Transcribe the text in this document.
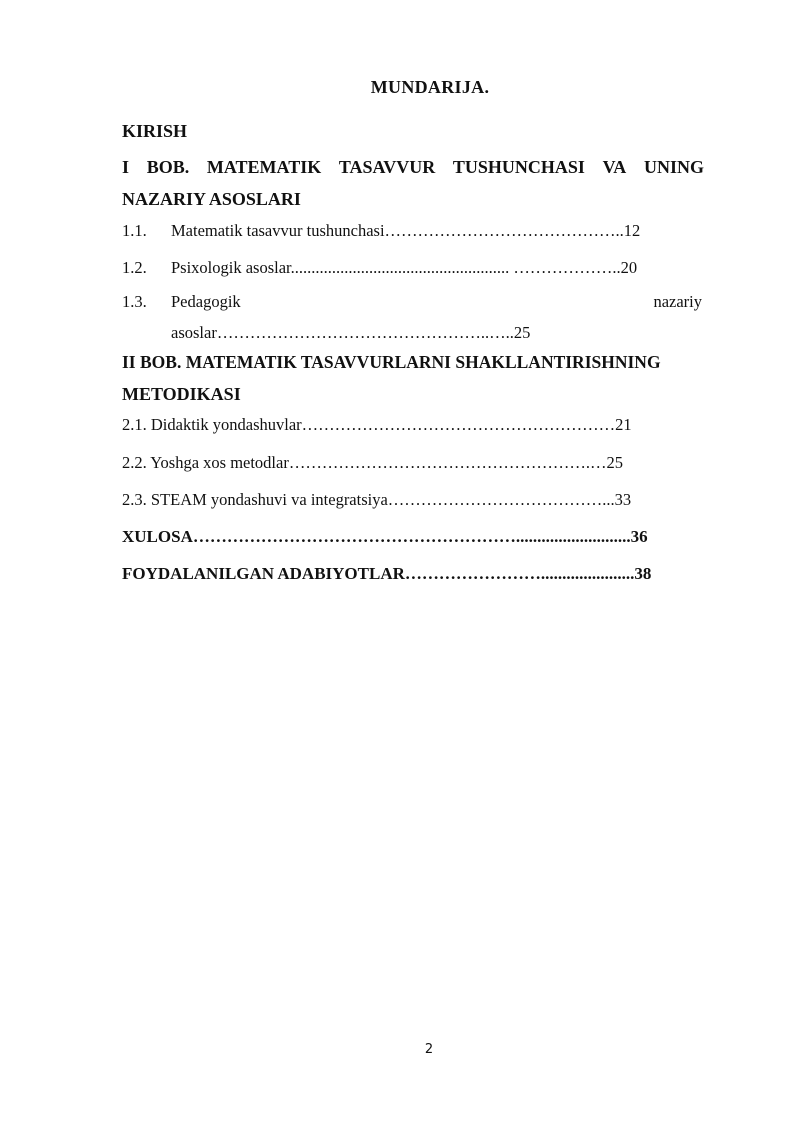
MUNDARIJA.
KIRISH
I BOB. MATEMATIK TASAVVUR TUSHUNCHASI VA UNING
NAZARIY ASOSLARI
1.1. Matematik tasavvur tushunchasi……………………………………..12
1.2. Psixologik asoslar..................................................... ………………..20
1.3. Pedagogik	nazariy
asoslar…………………………………………..…..25
II BOB. MATEMATIK TASAVVURLARNI SHAKLLANTIRISHNING
METODIKASI
2.1. Didaktik yondashuvlar…………………………………………………21
2.2. Yoshga xos metodlar……………………………………………….…25
2.3. STEAM yondashuvi va integratsiya…………………………………...33
XULOSA…………………………………………………...........................36
FOYDALANILGAN ADABIYOTLAR……………………......................38
2
